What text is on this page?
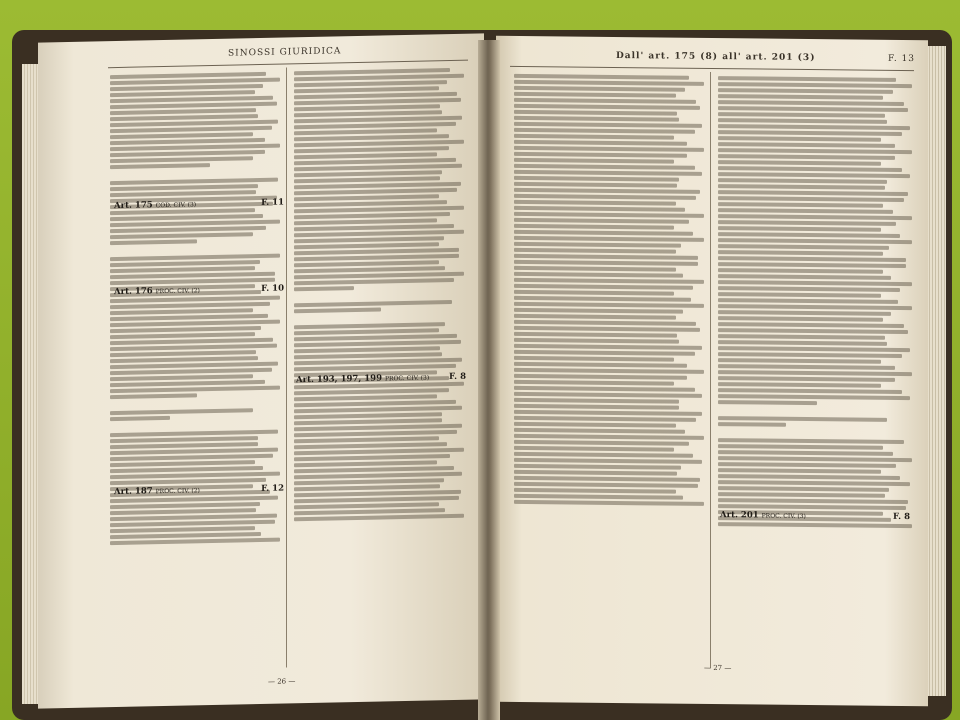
SINOSSI GIURIDICA
Art. 175 COD. CIV. (3)	F. 11
Art. 176 PROC. CIV. (2)	F. 10
Art. 193, 197, 199 PROC. CIV. (3) F. 8
Art. 187 PROC. CIV. (2)	F. 12
— 26 —
Dall' art. 175 (8) all' art. 201 (3)	F. 13
Art. 201 PROC. CIV. (3)	F. 8
— 27 —
